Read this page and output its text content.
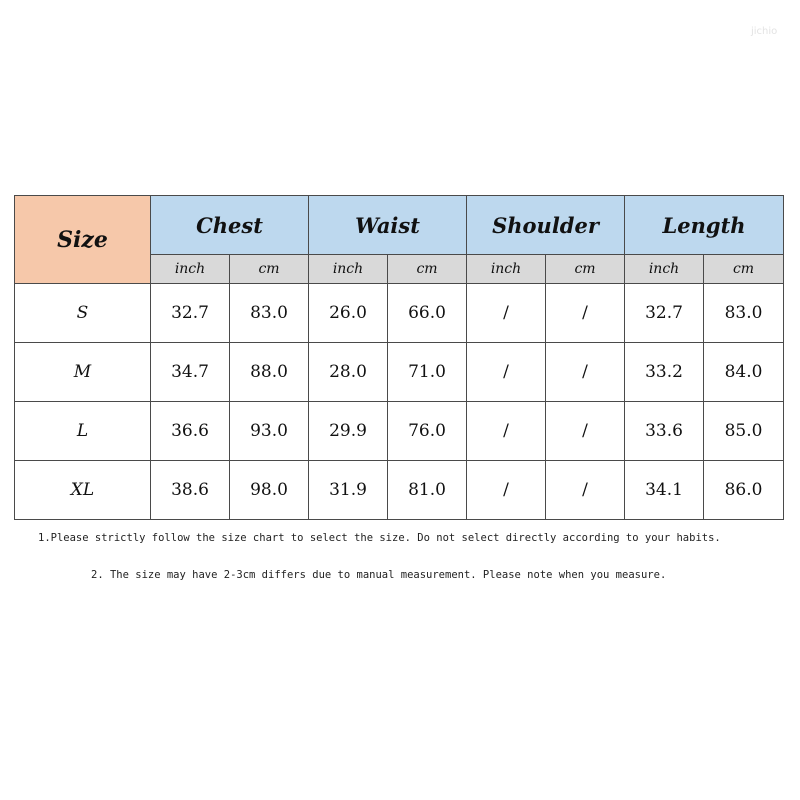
jichio
Size	Chest		Waist		Shoulder		Length	
	inch	cm	inch	cm	inch	cm	inch	cm
S	32.7	83.0	26.0	66.0	/	/	32.7	83.0
M	34.7	88.0	28.0	71.0	/	/	33.2	84.0
L	36.6	93.0	29.9	76.0	/	/	33.6	85.0
XL	38.6	98.0	31.9	81.0	/	/	34.1	86.0
1.Please strictly follow the size chart to select the size. Do not select directly according to your habits.
2. The size may have 2-3cm differs due to manual measurement. Please note when you measure.
